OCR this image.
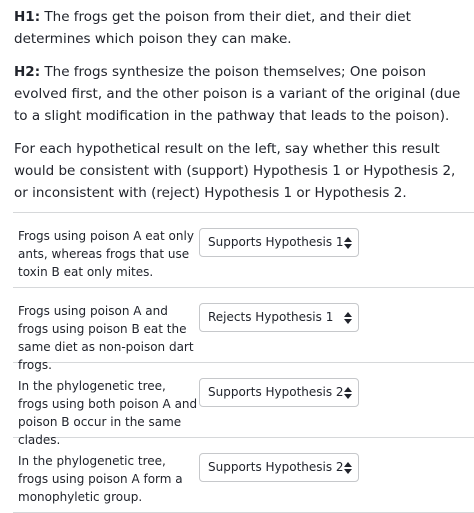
H1: The frogs get the poison from their diet, and their diet determines which poison they can make.

H2: The frogs synthesize the poison themselves; One poison evolved first, and the other poison is a variant of the original (due to a slight modification in the pathway that leads to the poison).

For each hypothetical result on the left, say whether this result would be consistent with (support) Hypothesis 1 or Hypothesis 2, or inconsistent with (reject) Hypothesis 1 or Hypothesis 2.

Frogs using poison A eat only ants, whereas frogs that use toxin B eat only mites.
Supports Hypothesis 1
Frogs using poison A and frogs using poison B eat the same diet as non-poison dart frogs.
Rejects Hypothesis 1
In the phylogenetic tree, frogs using both poison A and poison B occur in the same clades.
Supports Hypothesis 2
In the phylogenetic tree, frogs using poison A form a monophyletic group.
Supports Hypothesis 2
